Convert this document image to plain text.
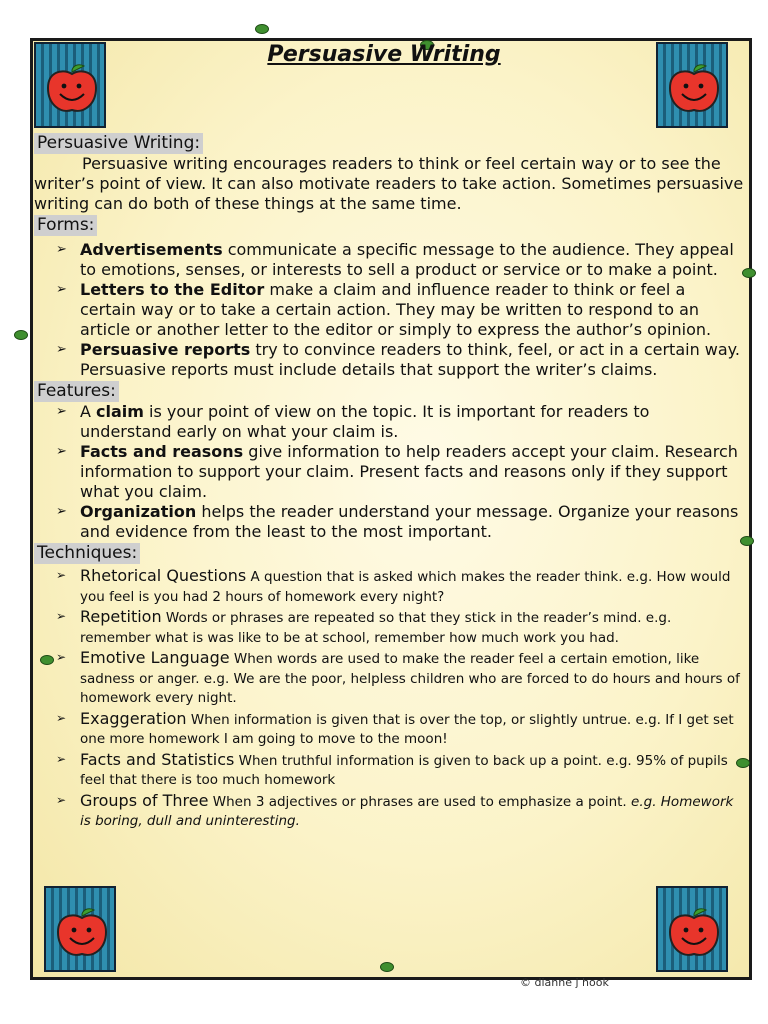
Persuasive Writing
Persuasive Writing:

Persuasive writing encourages readers to think or feel certain way or to see the writer’s point of view. It can also motivate readers to take action. Sometimes persuasive writing can do both of these things at the same time.

Forms:
➢ Advertisements communicate a specific message to the audience. They appeal to emotions, senses, or interests to sell a product or service or to make a point.
➢ Letters to the Editor make a claim and influence reader to think or feel a certain way or to take a certain action. They may be written to respond to an article or another letter to the editor or simply to express the author’s opinion.
➢ Persuasive reports try to convince readers to think, feel, or act in a certain way. Persuasive reports must include details that support the writer’s claims.
Features:
➢ A claim is your point of view on the topic. It is important for readers to understand early on what your claim is.
➢ Facts and reasons give information to help readers accept your claim. Research information to support your claim. Present facts and reasons only if they support what you claim.
➢ Organization helps the reader understand your message. Organize your reasons and evidence from the least to the most important.
Techniques:
➢ Rhetorical Questions A question that is asked which makes the reader think. e.g. How would you feel is you had 2 hours of homework every night?
➢ Repetition Words or phrases are repeated so that they stick in the reader’s mind. e.g. remember what is was like to be at school, remember how much work you had.
➢ Emotive Language When words are used to make the reader feel a certain emotion, like sadness or anger. e.g. We are the poor, helpless children who are forced to do hours and hours of homework every night.
➢ Exaggeration When information is given that is over the top, or slightly untrue. e.g. If I get set one more homework I am going to move to the moon!
➢ Facts and Statistics When truthful information is given to back up a point. e.g. 95% of pupils feel that there is too much homework
➢ Groups of Three When 3 adjectives or phrases are used to emphasize a point. e.g. Homework is boring, dull and uninteresting.
© dianne j hook
